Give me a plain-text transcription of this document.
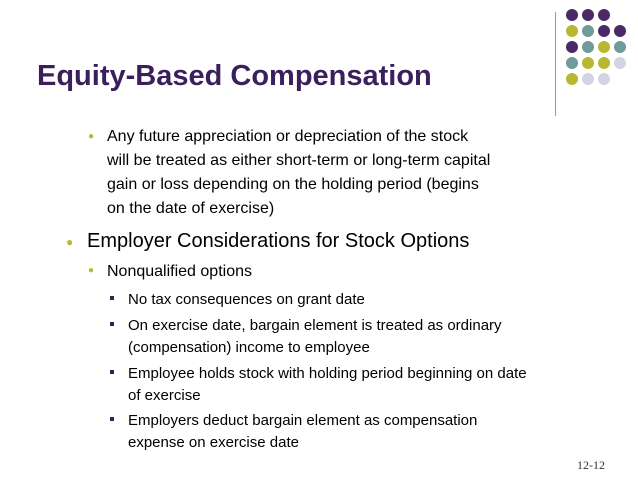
Equity-Based Compensation
● Any future appreciation or depreciation of the stock
will be treated as either short-term or long-term capital
gain or loss depending on the holding period (begins
on the date of exercise)
● Employer Considerations for Stock Options
● Nonqualified options
No tax consequences on grant date
On exercise date, bargain element is treated as ordinary
(compensation) income to employee
Employee holds stock with holding period beginning on date
of exercise
Employers deduct bargain element as compensation
expense on exercise date
12-12
